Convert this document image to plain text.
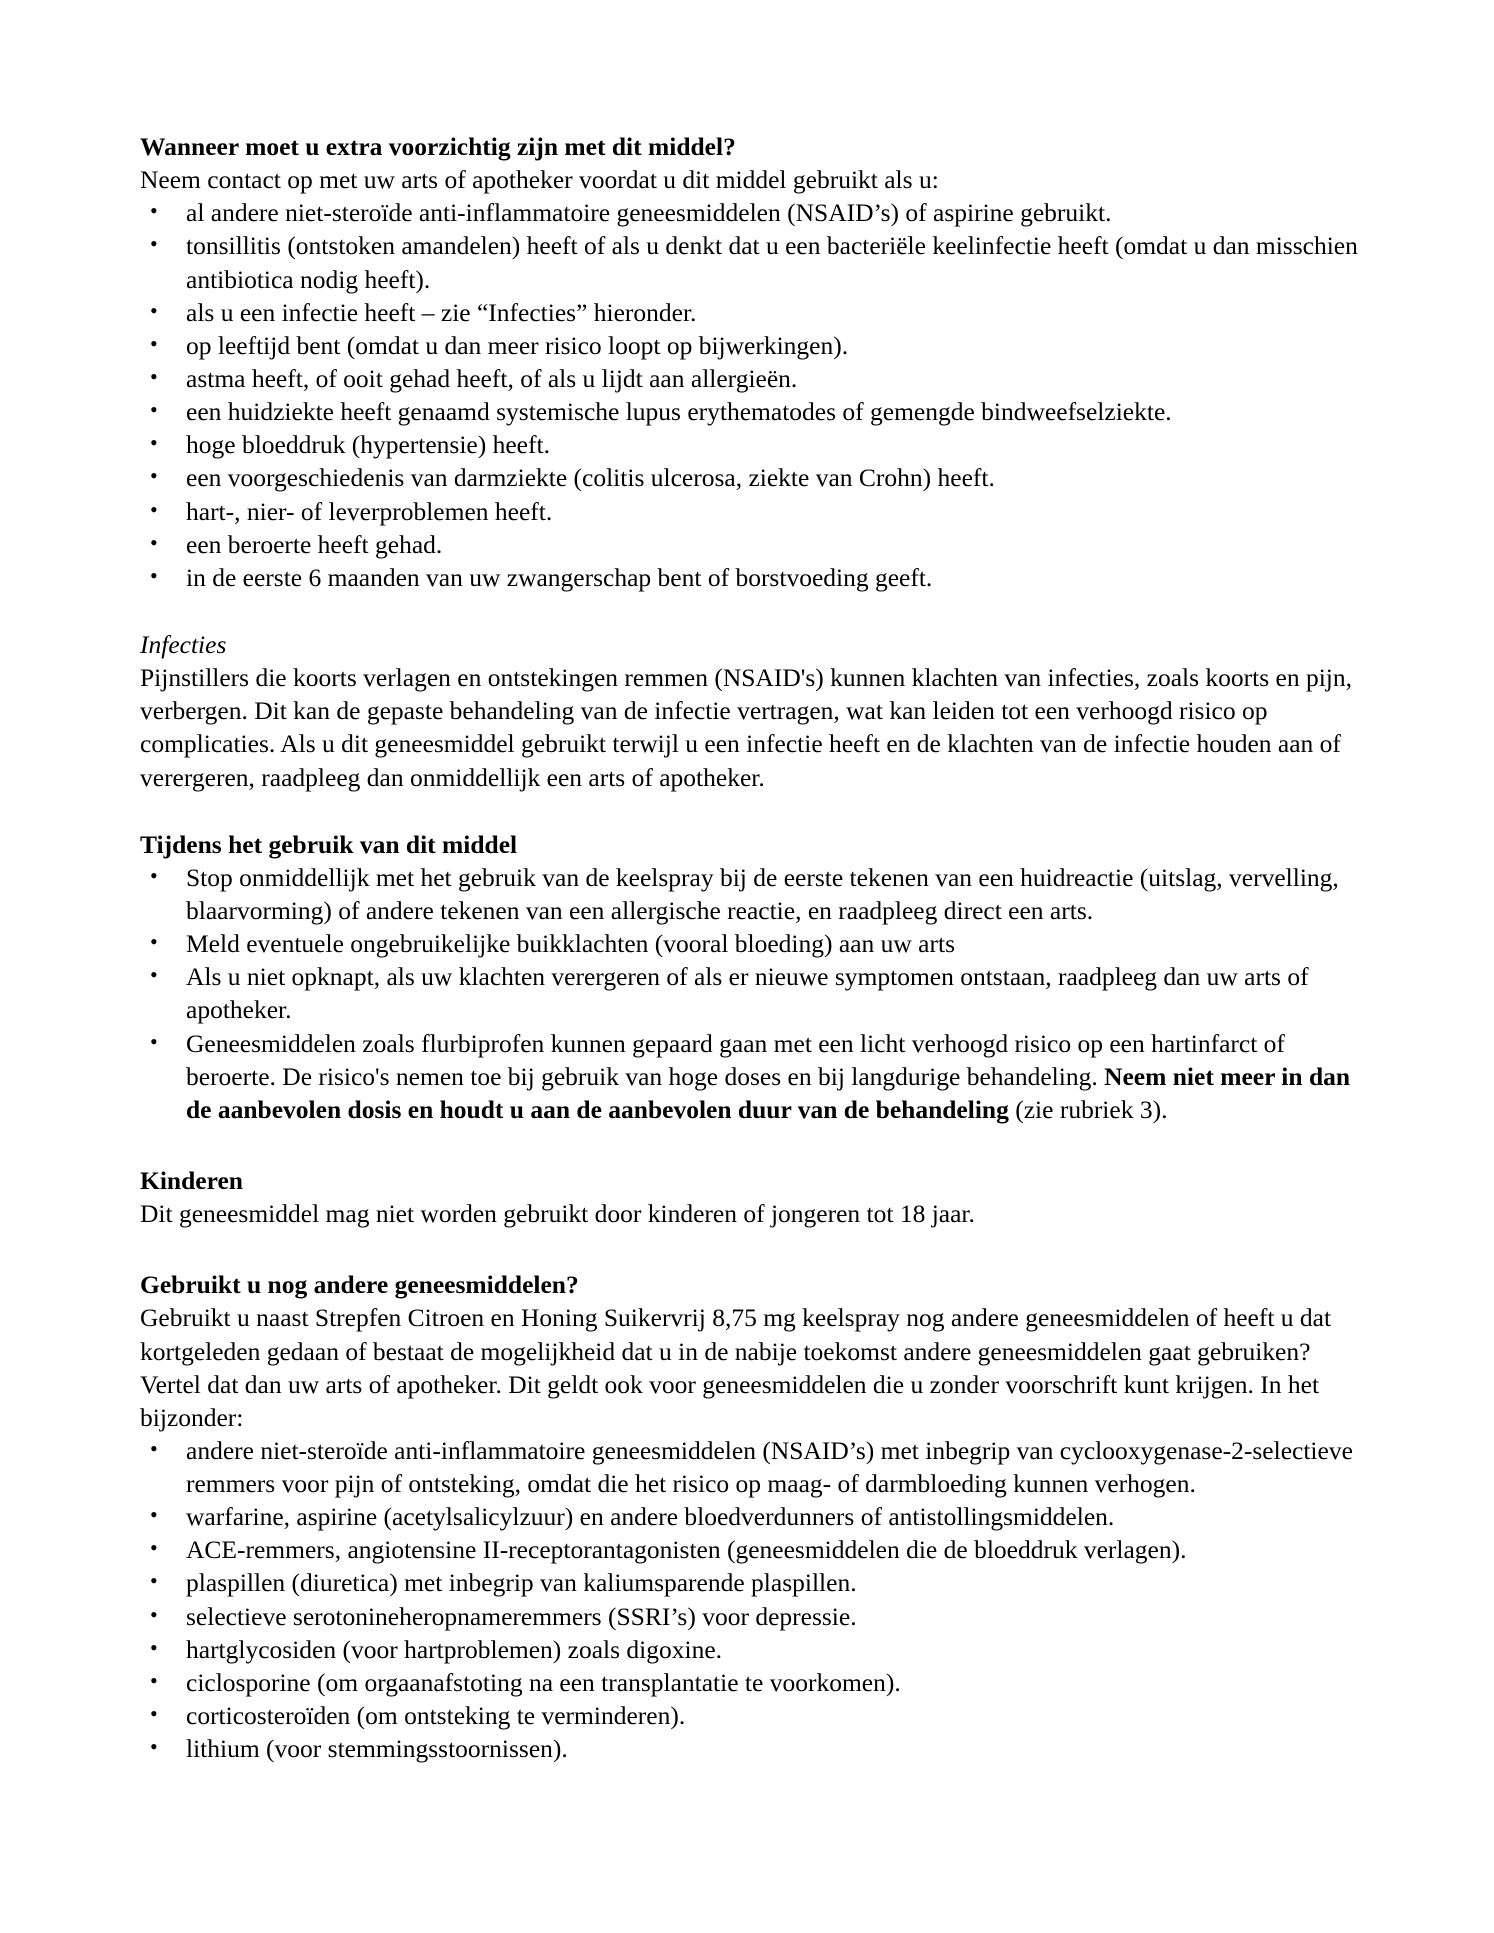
Wanneer moet u extra voorzichtig zijn met dit middel?

Neem contact op met uw arts of apotheker voordat u dit middel gebruikt als u:

• al andere niet-steroïde anti-inflammatoire geneesmiddelen (NSAID’s) of aspirine gebruikt.
• tonsillitis (ontstoken amandelen) heeft of als u denkt dat u een bacteriële keelinfectie heeft (omdat u dan misschien antibiotica nodig heeft).
• als u een infectie heeft – zie “Infecties” hieronder.
• op leeftijd bent (omdat u dan meer risico loopt op bijwerkingen).
• astma heeft, of ooit gehad heeft, of als u lijdt aan allergieën.
• een huidziekte heeft genaamd systemische lupus erythematodes of gemengde bindweefselziekte.
• hoge bloeddruk (hypertensie) heeft.
• een voorgeschiedenis van darmziekte (colitis ulcerosa, ziekte van Crohn) heeft.
• hart-, nier- of leverproblemen heeft.
• een beroerte heeft gehad.
• in de eerste 6 maanden van uw zwangerschap bent of borstvoeding geeft.

Infecties

Pijnstillers die koorts verlagen en ontstekingen remmen (NSAID's) kunnen klachten van infecties, zoals koorts en pijn, verbergen. Dit kan de gepaste behandeling van de infectie vertragen, wat kan leiden tot een verhoogd risico op complicaties. Als u dit geneesmiddel gebruikt terwijl u een infectie heeft en de klachten van de infectie houden aan of verergeren, raadpleeg dan onmiddellijk een arts of apotheker.

Tijdens het gebruik van dit middel
• Stop onmiddellijk met het gebruik van de keelspray bij de eerste tekenen van een huidreactie (uitslag, vervelling, blaarvorming) of andere tekenen van een allergische reactie, en raadpleeg direct een arts.
• Meld eventuele ongebruikelijke buikklachten (vooral bloeding) aan uw arts
• Als u niet opknapt, als uw klachten verergeren of als er nieuwe symptomen ontstaan, raadpleeg dan uw arts of apotheker.
• Geneesmiddelen zoals flurbiprofen kunnen gepaard gaan met een licht verhoogd risico op een hartinfarct of beroerte. De risico's nemen toe bij gebruik van hoge doses en bij langdurige behandeling. Neem niet meer in dan de aanbevolen dosis en houdt u aan de aanbevolen duur van de behandeling (zie rubriek 3).
Kinderen

Dit geneesmiddel mag niet worden gebruikt door kinderen of jongeren tot 18 jaar.

Gebruikt u nog andere geneesmiddelen?

Gebruikt u naast Strepfen Citroen en Honing Suikervrij 8,75 mg keelspray nog andere geneesmiddelen of heeft u dat kortgeleden gedaan of bestaat de mogelijkheid dat u in de nabije toekomst andere geneesmiddelen gaat gebruiken? Vertel dat dan uw arts of apotheker. Dit geldt ook voor geneesmiddelen die u zonder voorschrift kunt krijgen. In het bijzonder:

• andere niet-steroïde anti-inflammatoire geneesmiddelen (NSAID’s) met inbegrip van cyclooxygenase-2-selectieve remmers voor pijn of ontsteking, omdat die het risico op maag- of darmbloeding kunnen verhogen.
• warfarine, aspirine (acetylsalicylzuur) en andere bloedverdunners of antistollingsmiddelen.
• ACE-remmers, angiotensine II-receptorantagonisten (geneesmiddelen die de bloeddruk verlagen).
• plaspillen (diuretica) met inbegrip van kaliumsparende plaspillen.
• selectieve serotonineheropnameremmers (SSRI’s) voor depressie.
• hartglycosiden (voor hartproblemen) zoals digoxine.
• ciclosporine (om orgaanafstoting na een transplantatie te voorkomen).
• corticosteroïden (om ontsteking te verminderen).
• lithium (voor stemmingsstoornissen).
